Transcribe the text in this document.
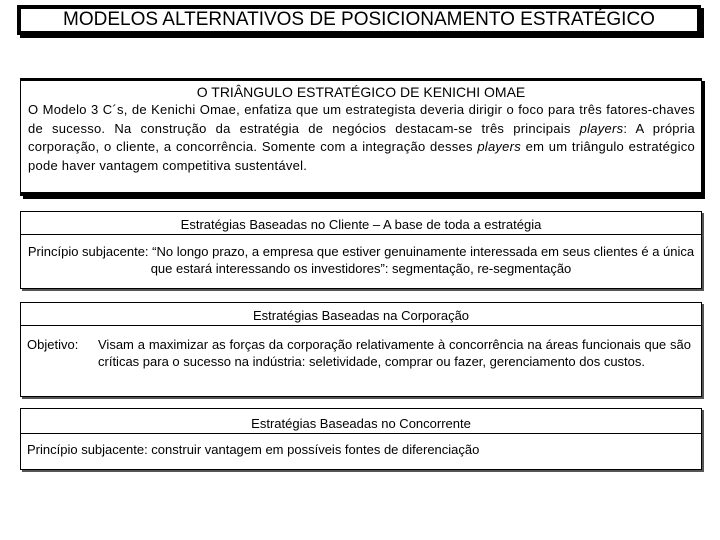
MODELOS ALTERNATIVOS DE POSICIONAMENTO ESTRATÉGICO
O TRIÂNGULO ESTRATÉGICO DE KENICHI OMAE
O Modelo 3 C´s, de Kenichi Omae, enfatiza que um estrategista deveria dirigir o foco para três fatores-chaves de sucesso. Na construção da estratégia de negócios destacam-se três principais players: A própria corporação, o cliente, a concorrência. Somente com a integração desses players em um triângulo estratégico pode haver vantagem competitiva sustentável.
Estratégias Baseadas no Cliente – A base de toda a estratégia
Princípio subjacente: “No longo prazo, a empresa que estiver genuinamente interessada em seus clientes é a única que estará interessando os investidores”: segmentação, re-segmentação
Estratégias Baseadas na Corporação
Objetivo:	Visam a maximizar as forças da corporação relativamente à concorrência na áreas funcionais que são críticas para o sucesso na indústria: seletividade, comprar ou fazer, gerenciamento dos custos.
Estratégias Baseadas no Concorrente
Princípio subjacente: construir vantagem em possíveis fontes de diferenciação
